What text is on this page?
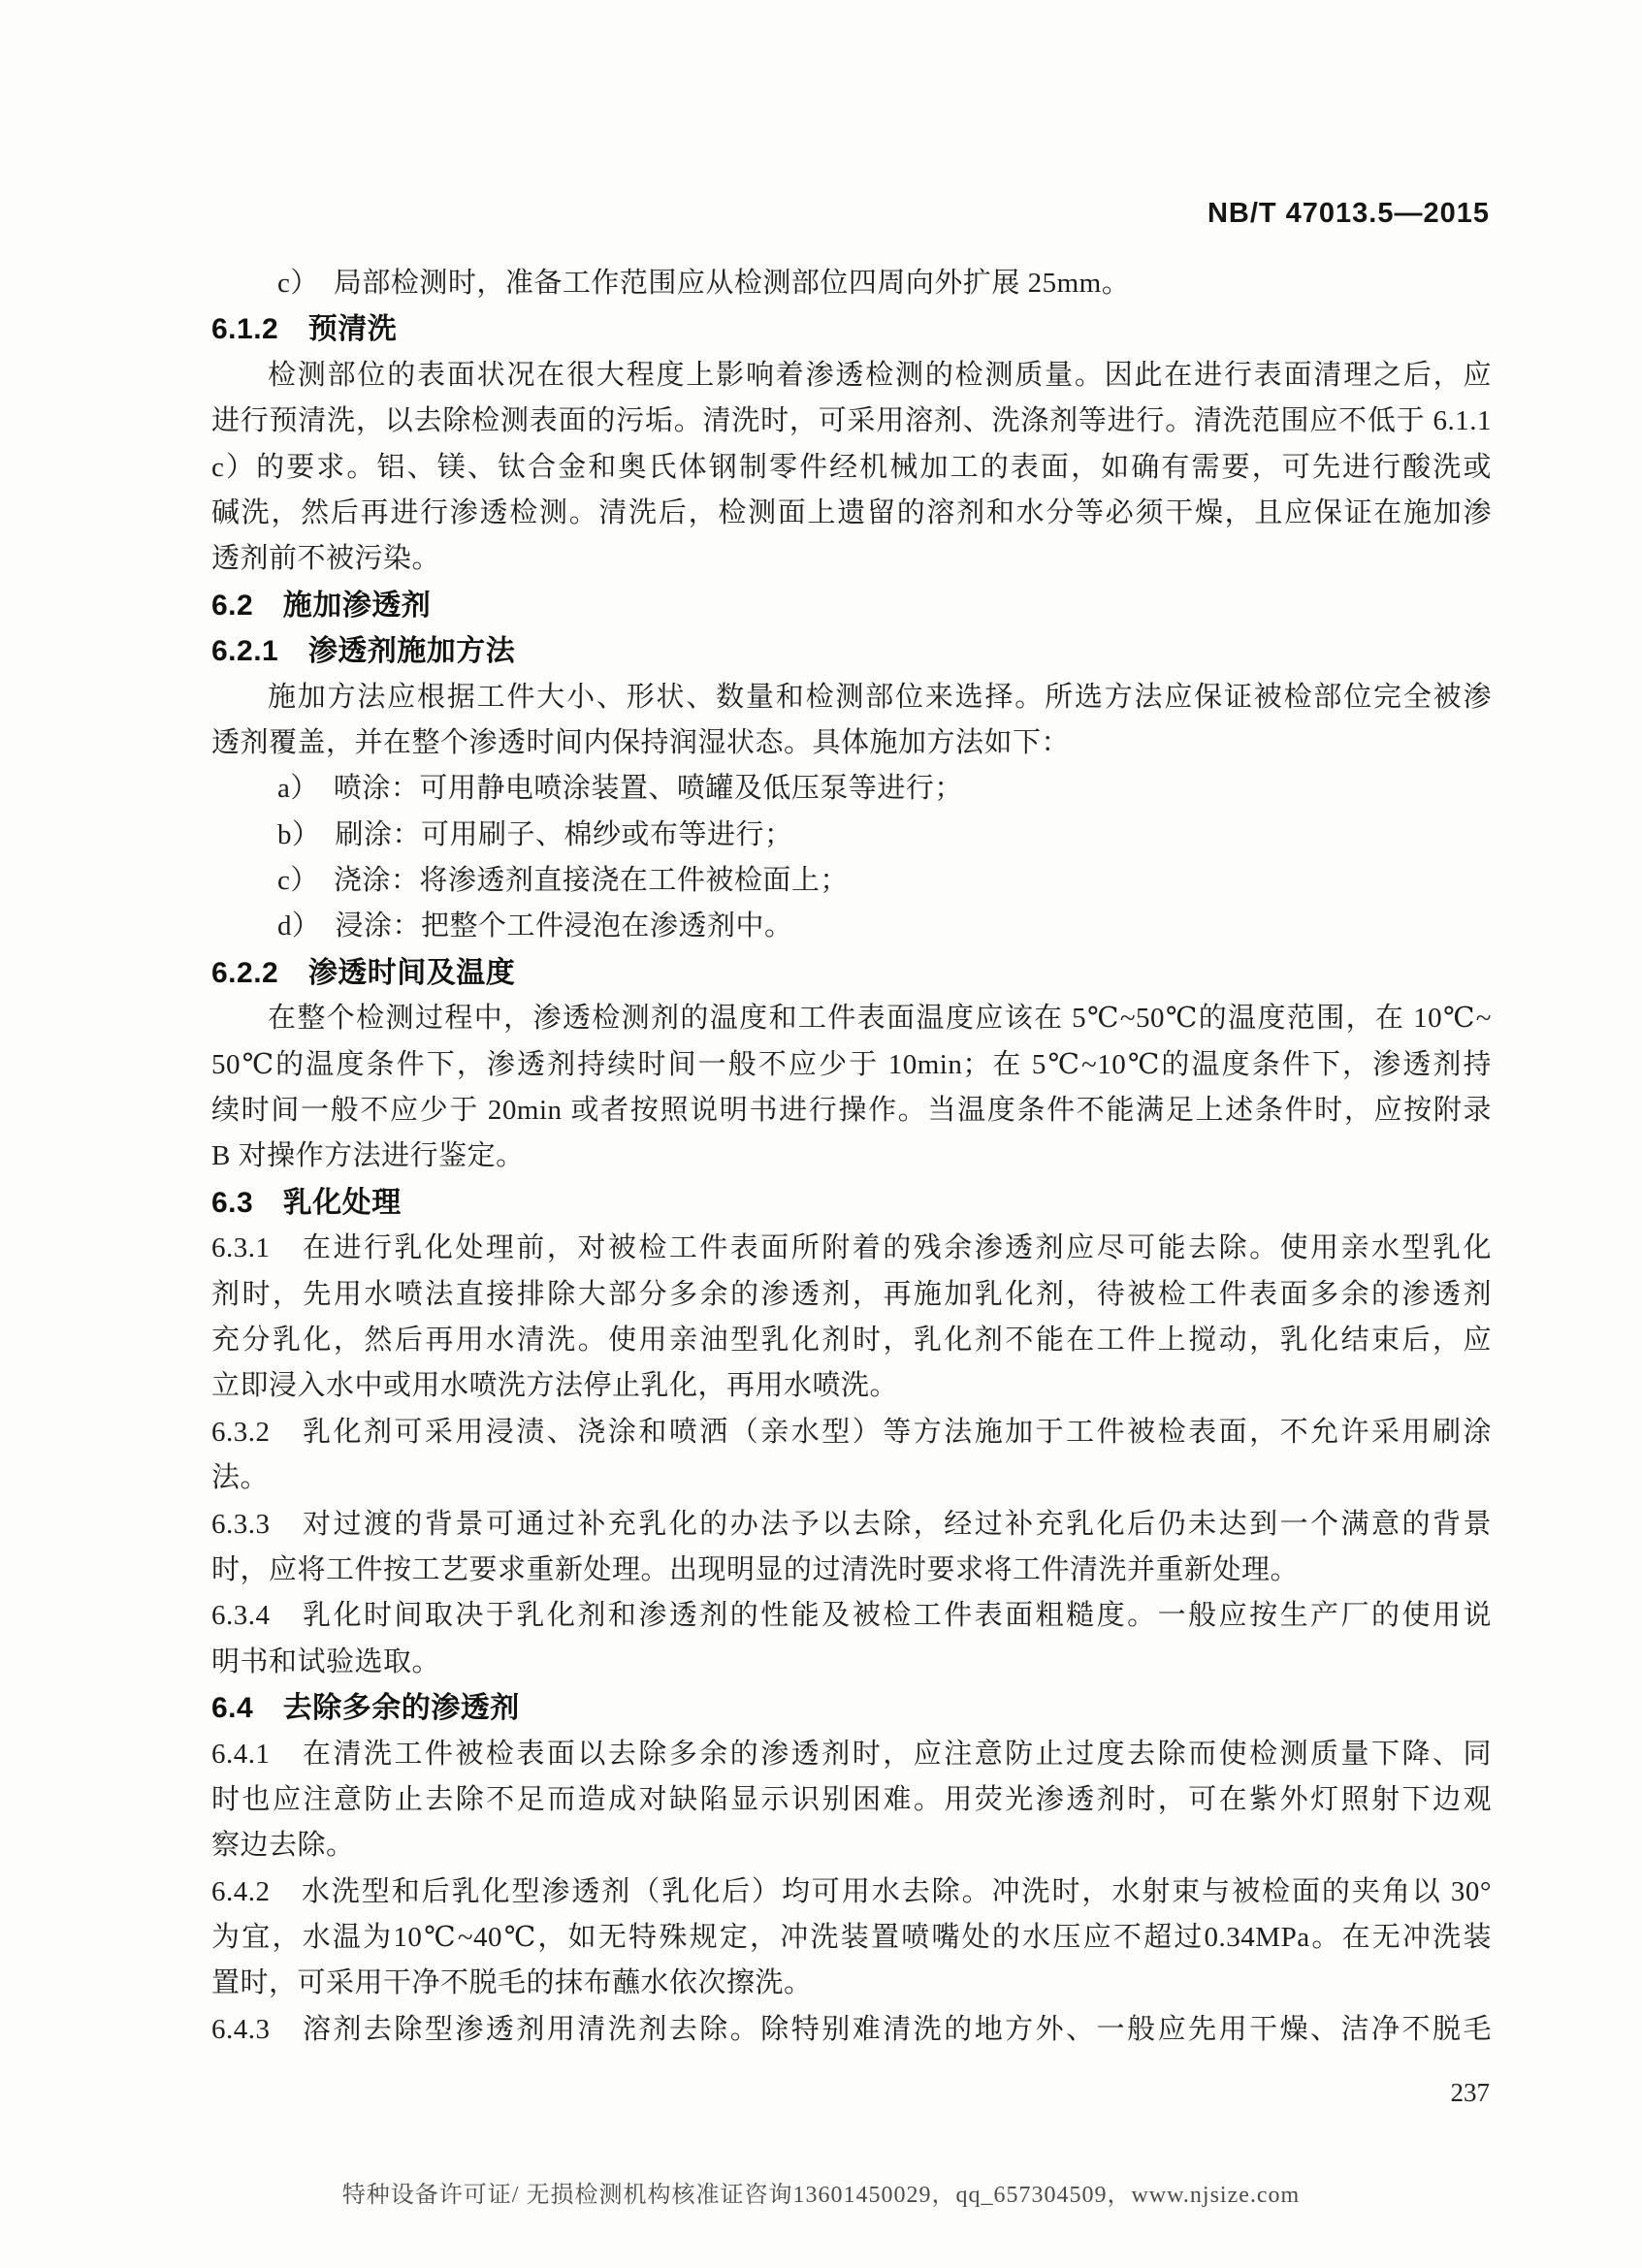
NB/T 47013.5—2015
c）　局部检测时，准备工作范围应从检测部位四周向外扩展 25mm。
6.1.2　预清洗
检测部位的表面状况在很大程度上影响着渗透检测的检测质量。因此在进行表面清理之后，应
进行预清洗，以去除检测表面的污垢。清洗时，可采用溶剂、洗涤剂等进行。清洗范围应不低于 6.1.1
c）的要求。铝、镁、钛合金和奥氏体钢制零件经机械加工的表面，如确有需要，可先进行酸洗或
碱洗，然后再进行渗透检测。清洗后，检测面上遗留的溶剂和水分等必须干燥，且应保证在施加渗
透剂前不被污染。
6.2　施加渗透剂
6.2.1　渗透剂施加方法
施加方法应根据工件大小、形状、数量和检测部位来选择。所选方法应保证被检部位完全被渗
透剂覆盖，并在整个渗透时间内保持润湿状态。具体施加方法如下：
a）　喷涂：可用静电喷涂装置、喷罐及低压泵等进行；
b）　刷涂：可用刷子、棉纱或布等进行；
c）　浇涂：将渗透剂直接浇在工件被检面上；
d）　浸涂：把整个工件浸泡在渗透剂中。
6.2.2　渗透时间及温度
在整个检测过程中，渗透检测剂的温度和工件表面温度应该在 5℃~50℃的温度范围，在 10℃~
50℃的温度条件下，渗透剂持续时间一般不应少于 10min；在 5℃~10℃的温度条件下，渗透剂持
续时间一般不应少于 20min 或者按照说明书进行操作。当温度条件不能满足上述条件时，应按附录
B 对操作方法进行鉴定。
6.3　乳化处理
6.3.1　在进行乳化处理前，对被检工件表面所附着的残余渗透剂应尽可能去除。使用亲水型乳化
剂时，先用水喷法直接排除大部分多余的渗透剂，再施加乳化剂，待被检工件表面多余的渗透剂
充分乳化，然后再用水清洗。使用亲油型乳化剂时，乳化剂不能在工件上搅动，乳化结束后，应
立即浸入水中或用水喷洗方法停止乳化，再用水喷洗。
6.3.2　乳化剂可采用浸渍、浇涂和喷洒（亲水型）等方法施加于工件被检表面，不允许采用刷涂
法。
6.3.3　对过渡的背景可通过补充乳化的办法予以去除，经过补充乳化后仍未达到一个满意的背景
时，应将工件按工艺要求重新处理。出现明显的过清洗时要求将工件清洗并重新处理。
6.3.4　乳化时间取决于乳化剂和渗透剂的性能及被检工件表面粗糙度。一般应按生产厂的使用说
明书和试验选取。
6.4　去除多余的渗透剂
6.4.1　在清洗工件被检表面以去除多余的渗透剂时，应注意防止过度去除而使检测质量下降、同
时也应注意防止去除不足而造成对缺陷显示识别困难。用荧光渗透剂时，可在紫外灯照射下边观
察边去除。
6.4.2　水洗型和后乳化型渗透剂（乳化后）均可用水去除。冲洗时，水射束与被检面的夹角以 30°
为宜，水温为10℃~40℃，如无特殊规定，冲洗装置喷嘴处的水压应不超过0.34MPa。在无冲洗装
置时，可采用干净不脱毛的抹布蘸水依次擦洗。
6.4.3　溶剂去除型渗透剂用清洗剂去除。除特别难清洗的地方外、一般应先用干燥、洁净不脱毛
237
特种设备许可证/ 无损检测机构核准证咨询13601450029，qq_657304509，www.njsize.com
